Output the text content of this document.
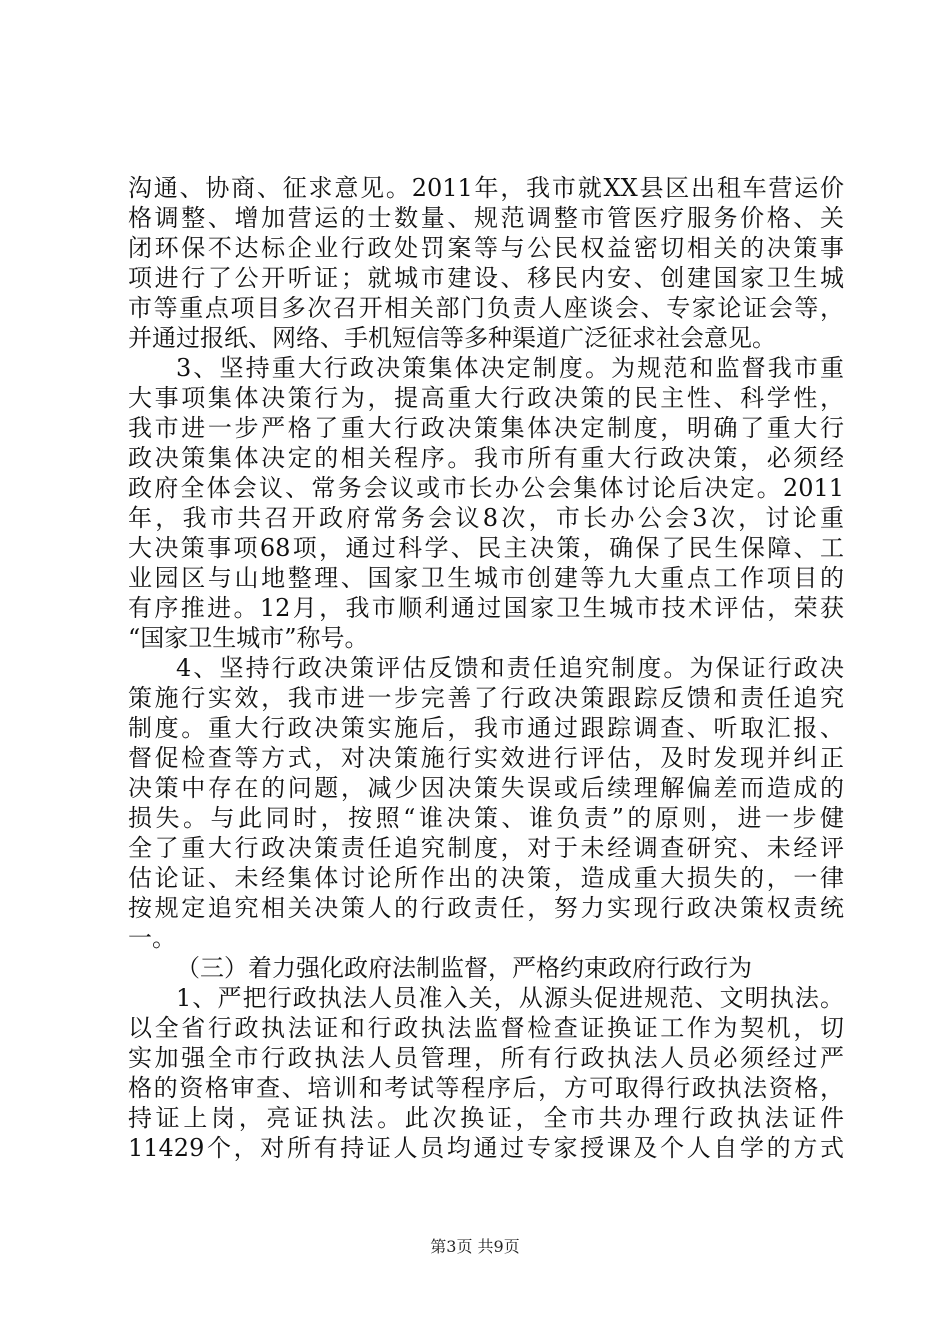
沟通、协商、征求意见。2011年，我市就XX县区出租车营运价
格调整、增加营运的士数量、规范调整市管医疗服务价格、关
闭环保不达标企业行政处罚案等与公民权益密切相关的决策事
项进行了公开听证；就城市建设、移民内安、创建国家卫生城
市等重点项目多次召开相关部门负责人座谈会、专家论证会等，
并通过报纸、网络、手机短信等多种渠道广泛征求社会意见。
3、坚持重大行政决策集体决定制度。为规范和监督我市重
大事项集体决策行为，提高重大行政决策的民主性、科学性，
我市进一步严格了重大行政决策集体决定制度，明确了重大行
政决策集体决定的相关程序。我市所有重大行政决策，必须经
政府全体会议、常务会议或市长办公会集体讨论后决定。2011
年，我市共召开政府常务会议8次，市长办公会3次，讨论重
大决策事项68项，通过科学、民主决策，确保了民生保障、工
业园区与山地整理、国家卫生城市创建等九大重点工作项目的
有序推进。12月，我市顺利通过国家卫生城市技术评估，荣获
“国家卫生城市”称号。
4、坚持行政决策评估反馈和责任追究制度。为保证行政决
策施行实效，我市进一步完善了行政决策跟踪反馈和责任追究
制度。重大行政决策实施后，我市通过跟踪调查、听取汇报、
督促检查等方式，对决策施行实效进行评估，及时发现并纠正
决策中存在的问题，减少因决策失误或后续理解偏差而造成的
损失。与此同时，按照“谁决策、谁负责”的原则，进一步健
全了重大行政决策责任追究制度，对于未经调查研究、未经评
估论证、未经集体讨论所作出的决策，造成重大损失的，一律
按规定追究相关决策人的行政责任，努力实现行政决策权责统
一。
（三）着力强化政府法制监督，严格约束政府行政行为
1、严把行政执法人员准入关，从源头促进规范、文明执法。
以全省行政执法证和行政执法监督检查证换证工作为契机，切
实加强全市行政执法人员管理，所有行政执法人员必须经过严
格的资格审查、培训和考试等程序后，方可取得行政执法资格，
持证上岗，亮证执法。此次换证，全市共办理行政执法证件
11429个，对所有持证人员均通过专家授课及个人自学的方式
第3页 共9页
